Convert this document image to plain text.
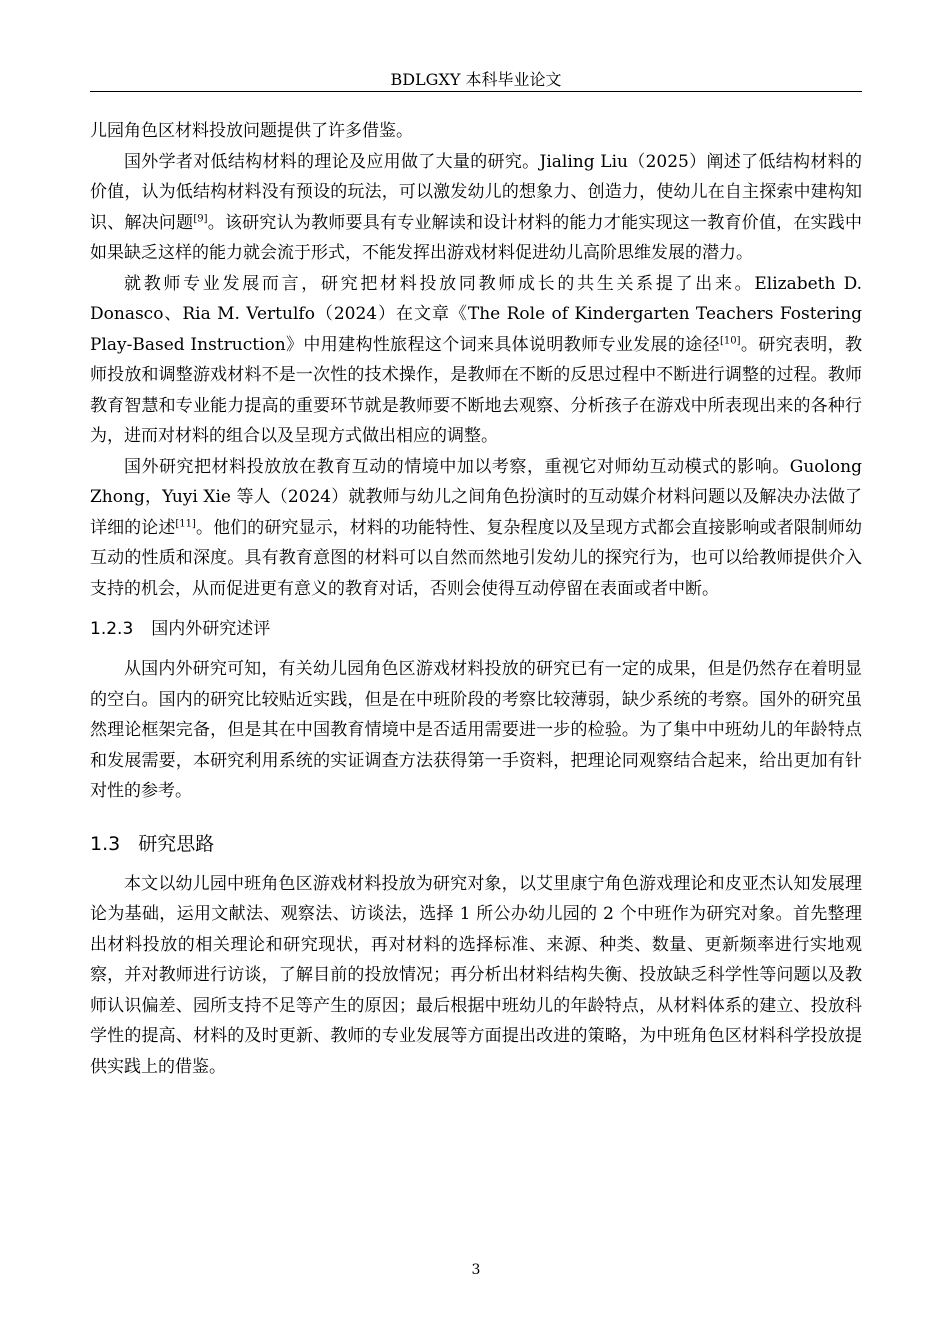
BDLGXY 本科毕业论文

儿园角色区材料投放问题提供了许多借鉴。

国外学者对低结构材料的理论及应用做了大量的研究。Jialing Liu（2025）阐述了低结构材料的价值，认为低结构材料没有预设的玩法，可以激发幼儿的想象力、创造力，使幼儿在自主探索中建构知识、解决问题[9]。该研究认为教师要具有专业解读和设计材料的能力才能实现这一教育价值，在实践中如果缺乏这样的能力就会流于形式，不能发挥出游戏材料促进幼儿高阶思维发展的潜力。

就教师专业发展而言，研究把材料投放同教师成长的共生关系提了出来。Elizabeth D. Donasco、Ria M. Vertulfo（2024）在文章《The Role of Kindergarten Teachers Fostering Play-Based Instruction》中用建构性旅程这个词来具体说明教师专业发展的途径[10]。研究表明，教师投放和调整游戏材料不是一次性的技术操作，是教师在不断的反思过程中不断进行调整的过程。教师教育智慧和专业能力提高的重要环节就是教师要不断地去观察、分析孩子在游戏中所表现出来的各种行为，进而对材料的组合以及呈现方式做出相应的调整。

国外研究把材料投放放在教育互动的情境中加以考察，重视它对师幼互动模式的影响。Guolong Zhong，Yuyi Xie 等人（2024）就教师与幼儿之间角色扮演时的互动媒介材料问题以及解决办法做了详细的论述[11]。他们的研究显示，材料的功能特性、复杂程度以及呈现方式都会直接影响或者限制师幼互动的性质和深度。具有教育意图的材料可以自然而然地引发幼儿的探究行为，也可以给教师提供介入支持的机会，从而促进更有意义的教育对话，否则会使得互动停留在表面或者中断。

1.2.3 国内外研究述评

从国内外研究可知，有关幼儿园角色区游戏材料投放的研究已有一定的成果，但是仍然存在着明显的空白。国内的研究比较贴近实践，但是在中班阶段的考察比较薄弱，缺少系统的考察。国外的研究虽然理论框架完备，但是其在中国教育情境中是否适用需要进一步的检验。为了集中中班幼儿的年龄特点和发展需要，本研究利用系统的实证调查方法获得第一手资料，把理论同观察结合起来，给出更加有针对性的参考。

1.3 研究思路

本文以幼儿园中班角色区游戏材料投放为研究对象，以艾里康宁角色游戏理论和皮亚杰认知发展理论为基础，运用文献法、观察法、访谈法，选择 1 所公办幼儿园的 2 个中班作为研究对象。首先整理出材料投放的相关理论和研究现状，再对材料的选择标准、来源、种类、数量、更新频率进行实地观察，并对教师进行访谈，了解目前的投放情况；再分析出材料结构失衡、投放缺乏科学性等问题以及教师认识偏差、园所支持不足等产生的原因；最后根据中班幼儿的年龄特点，从材料体系的建立、投放科学性的提高、材料的及时更新、教师的专业发展等方面提出改进的策略，为中班角色区材料科学投放提供实践上的借鉴。

3
